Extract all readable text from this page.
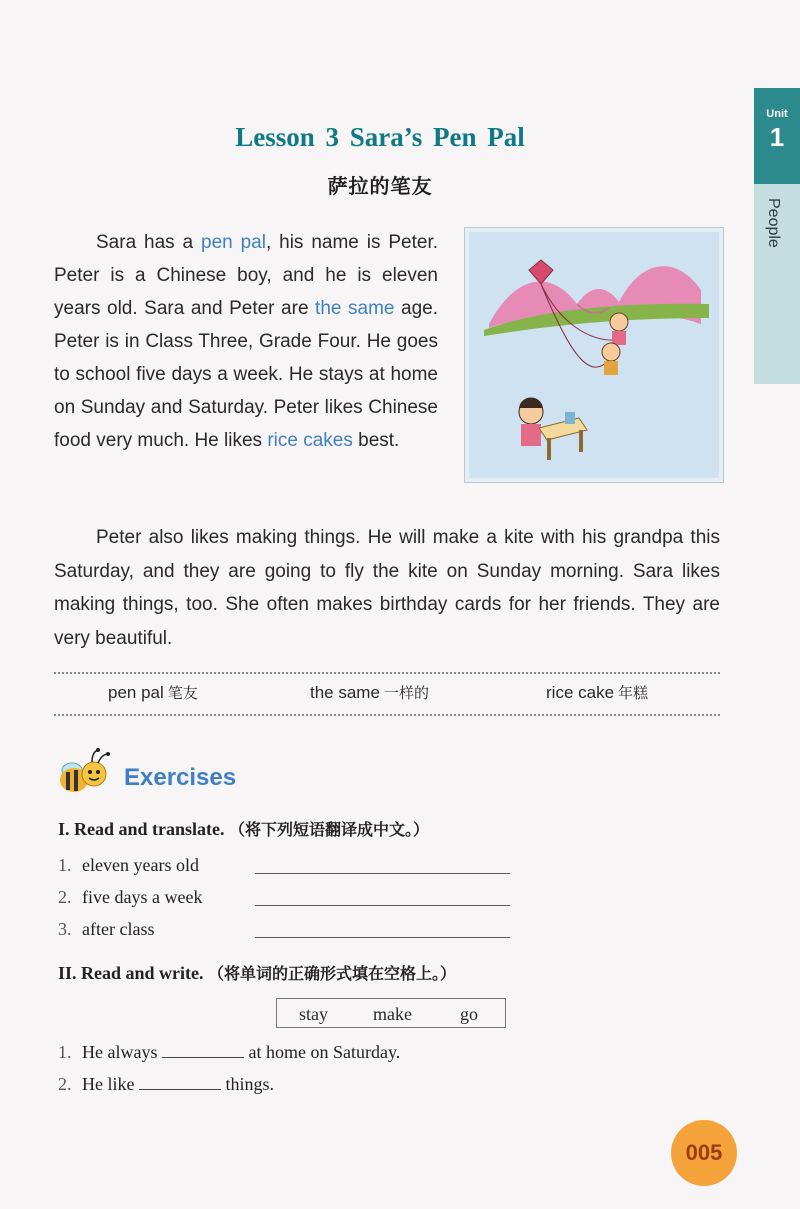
Unit
1
People
Lesson 3 Sara’s Pen Pal
萨拉的笔友
Sara has a pen pal, his name is Peter. Peter is a Chinese boy, and he is eleven years old. Sara and Peter are the same age. Peter is in Class Three, Grade Four. He goes to school five days a week. He stays at home on Sunday and Saturday. Peter likes Chinese food very much. He likes rice cakes best.
Peter also likes making things. He will make a kite with his grandpa this Saturday, and they are going to fly the kite on Sunday morning. Sara likes making things, too. She often makes birthday cards for her friends. They are very beautiful.
pen pal 笔友	the same 一样的	rice cake 年糕
Exercises
I. Read and translate. （将下列短语翻译成中文。）
1. eleven years old
2. five days a week
3. after class
II. Read and write. （将单词的正确形式填在空格上。）
stay	make	go
1. He always	at home on Saturday.
2. He like	things.
005
